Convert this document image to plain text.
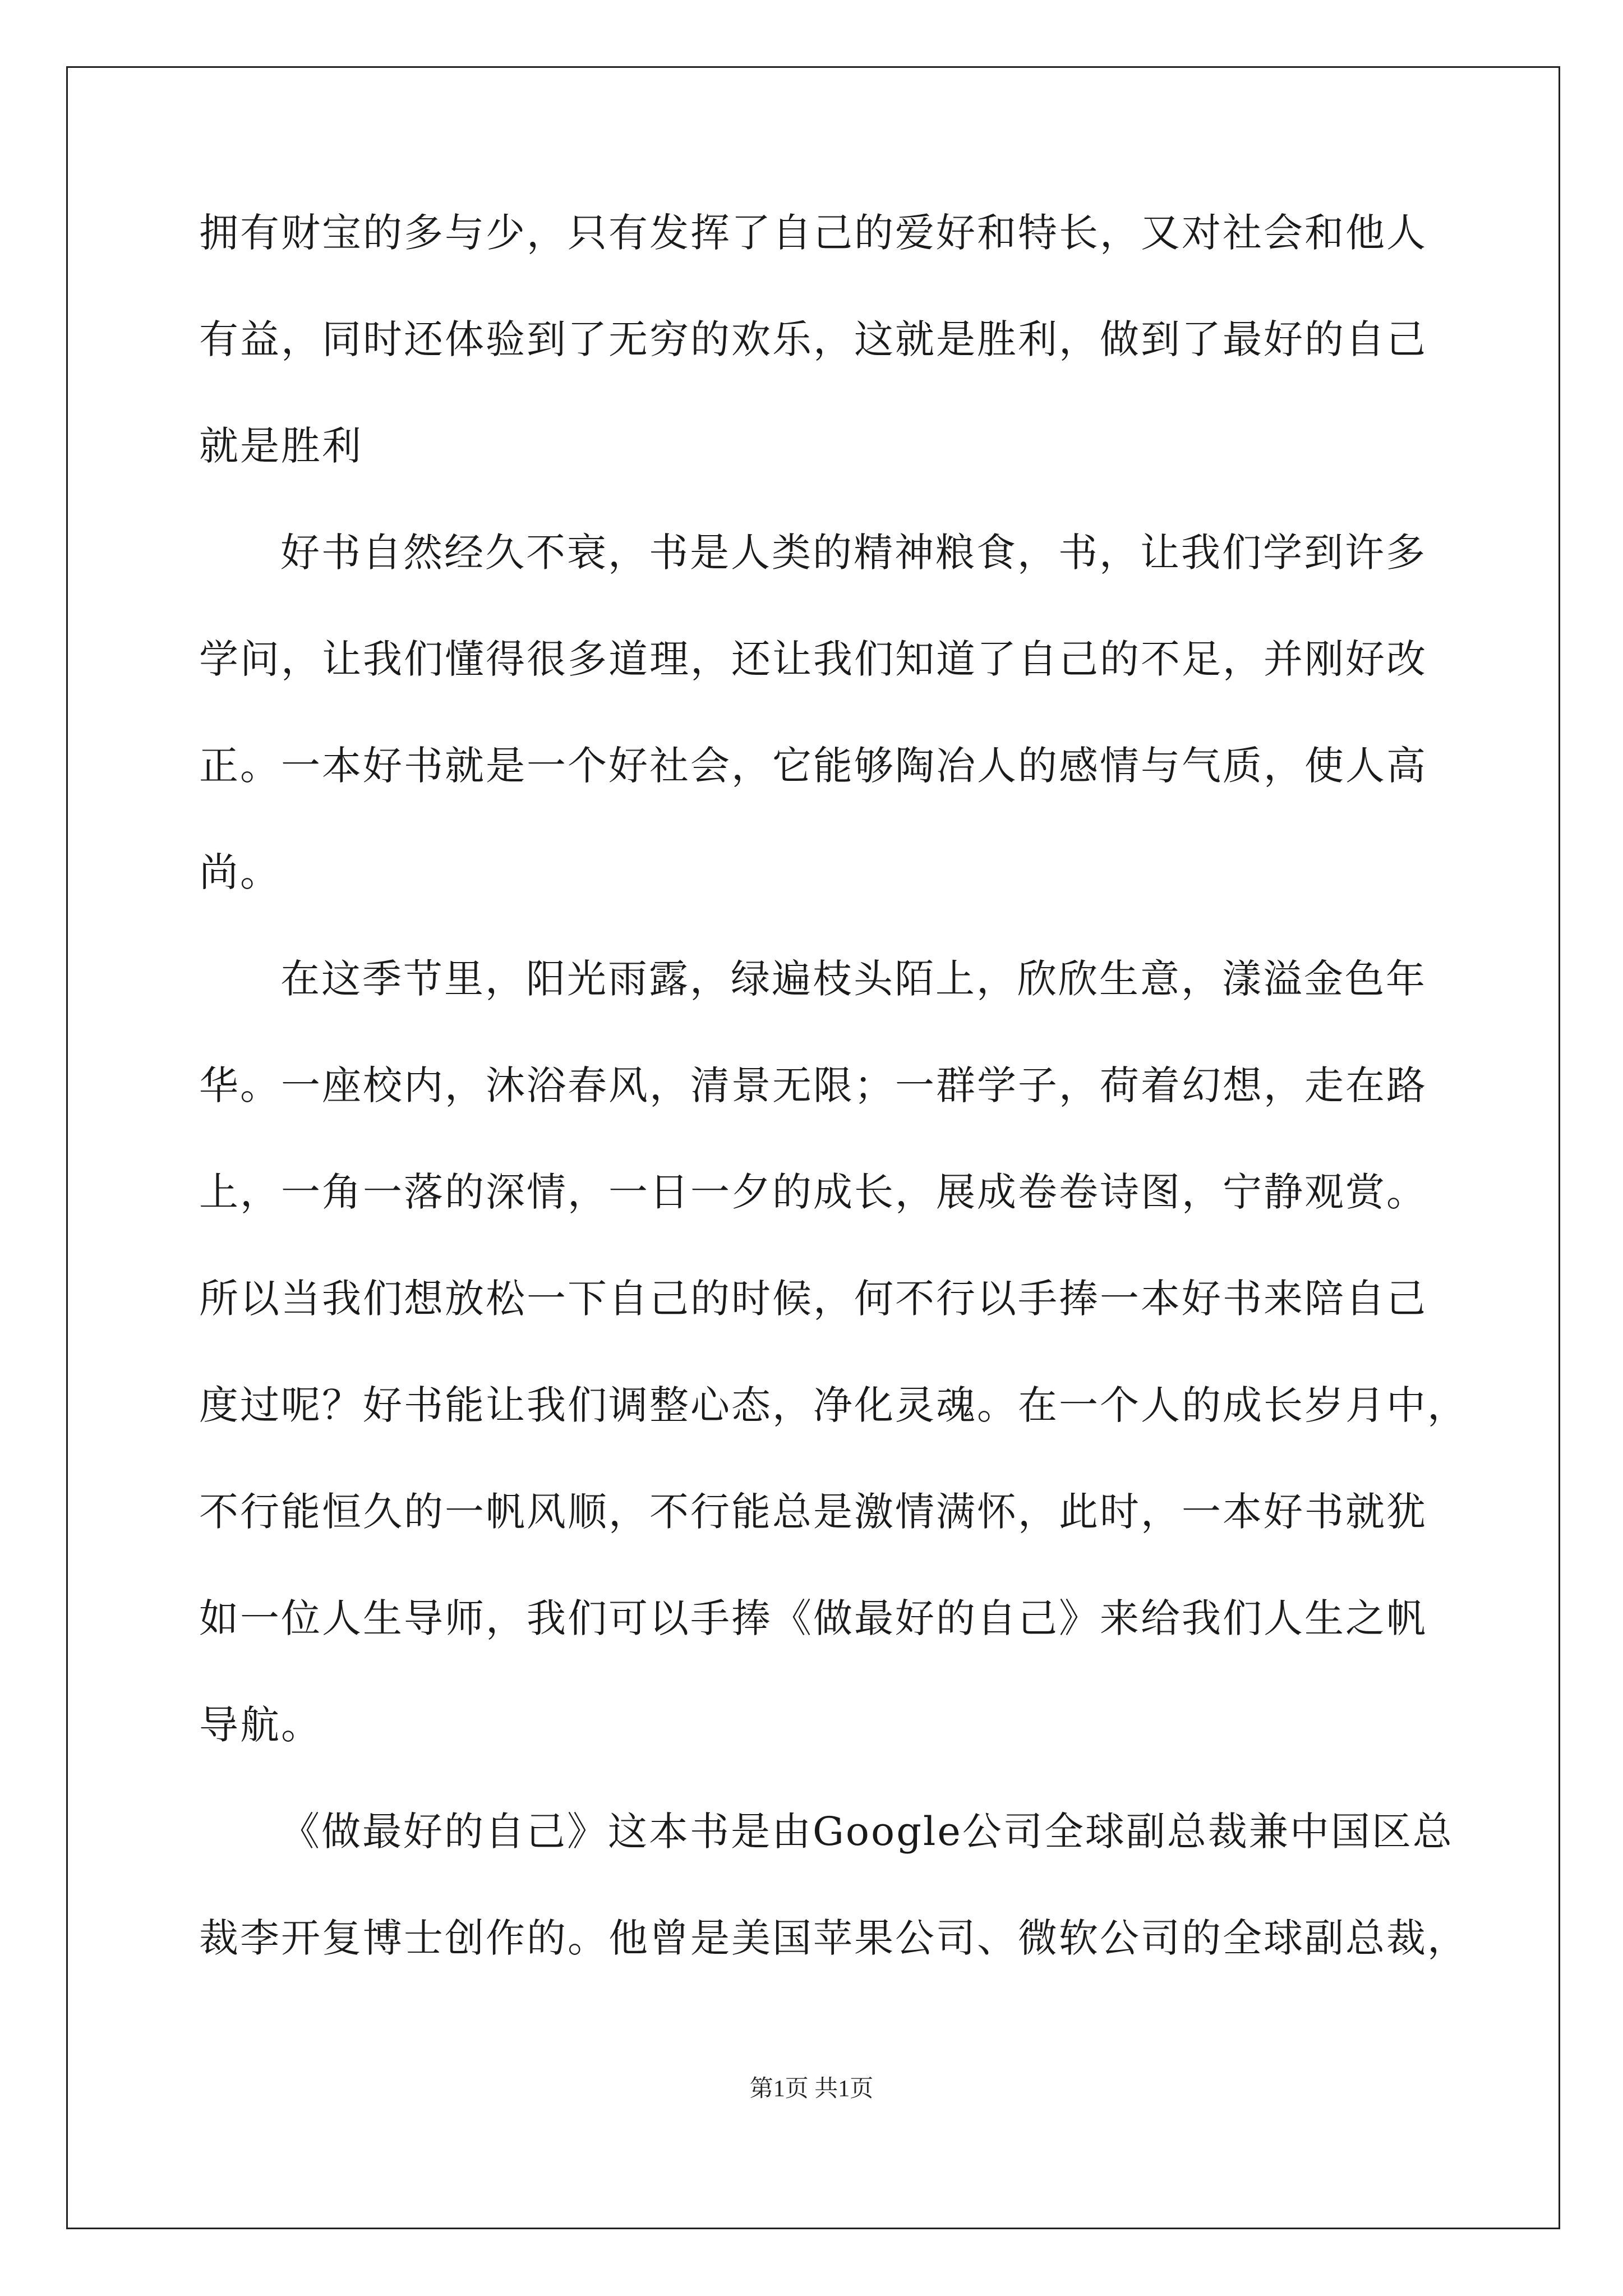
拥有财宝的多与少，只有发挥了自己的爱好和特长，又对社会和他人
有益，同时还体验到了无穷的欢乐，这就是胜利，做到了最好的自己
就是胜利
好书自然经久不衰，书是人类的精神粮食，书，让我们学到许多
学问，让我们懂得很多道理，还让我们知道了自己的不足，并刚好改
正。一本好书就是一个好社会，它能够陶冶人的感情与气质，使人高
尚。
在这季节里，阳光雨露，绿遍枝头陌上，欣欣生意，漾溢金色年
华。一座校内，沐浴春风，清景无限；一群学子，荷着幻想，走在路
上，一角一落的深情，一日一夕的成长，展成卷卷诗图，宁静观赏。
所以当我们想放松一下自己的时候，何不行以手捧一本好书来陪自己
度过呢？好书能让我们调整心态，净化灵魂。在一个人的成长岁月中，
不行能恒久的一帆风顺，不行能总是激情满怀，此时，一本好书就犹
如一位人生导师，我们可以手捧《做最好的自己》来给我们人生之帆
导航。
《做最好的自己》这本书是由Google公司全球副总裁兼中国区总
裁李开复博士创作的。他曾是美国苹果公司、微软公司的全球副总裁，
第1页 共1页
